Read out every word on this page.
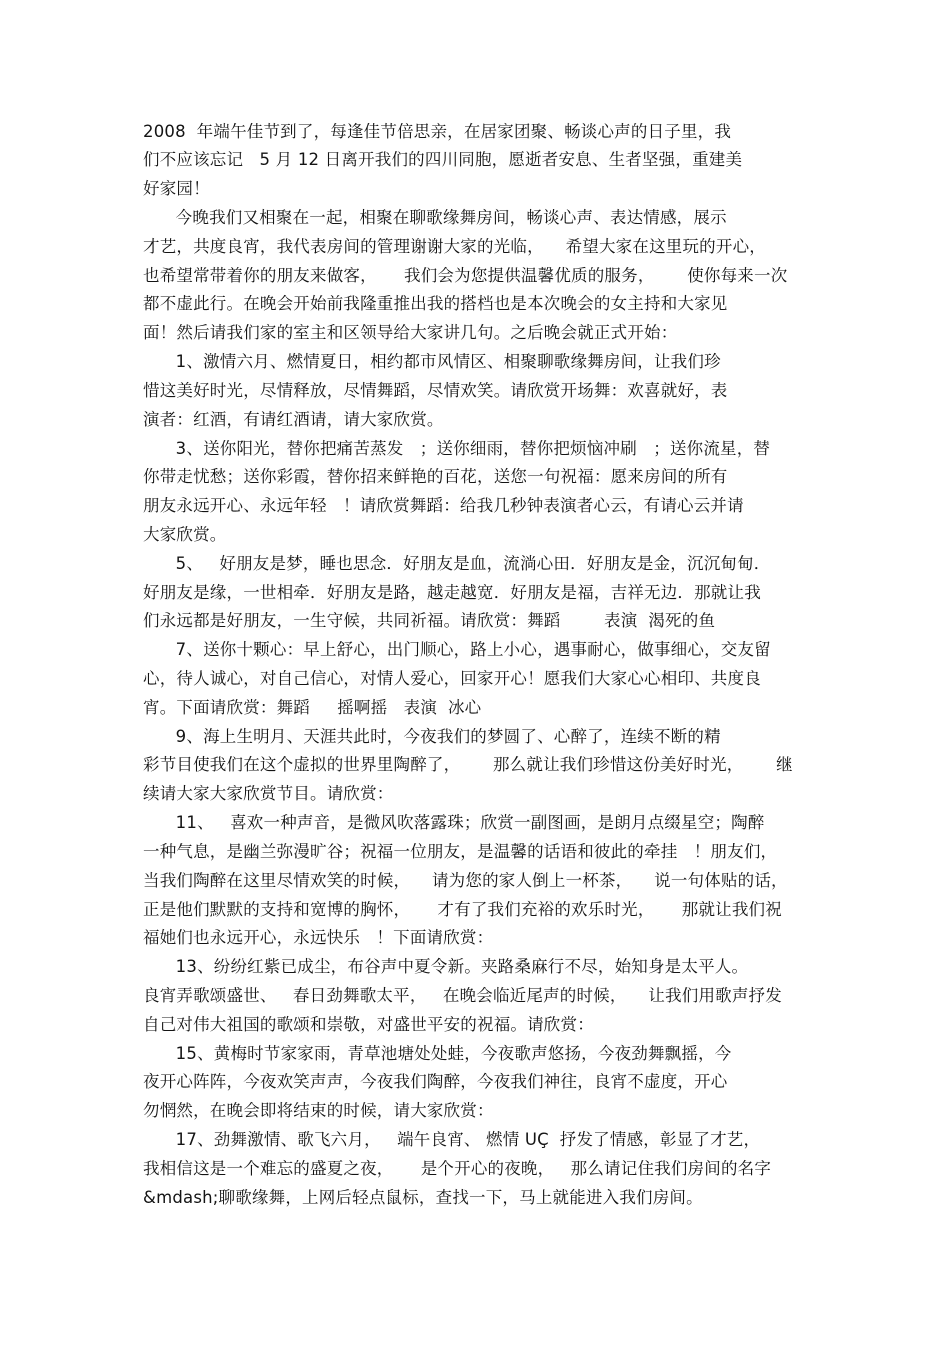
2008  年端午佳节到了，每逢佳节倍思亲，在居家团聚、畅谈心声的日子里，我
们不应该忘记   5 月 12 日离开我们的四川同胞，愿逝者安息、生者坚强，重建美
好家园！
今晚我们又相聚在一起，相聚在聊歌缘舞房间，畅谈心声、表达情感，展示
才艺，共度良宵，我代表房间的管理谢谢大家的光临，    希望大家在这里玩的开心，
也希望常带着你的朋友来做客，     我们会为您提供温馨优质的服务，      使你每来一次
都不虚此行。在晚会开始前我隆重推出我的搭档也是本次晚会的女主持和大家见
面！然后请我们家的室主和区领导给大家讲几句。之后晚会就正式开始：
1、激情六月、燃情夏日，相约都市风情区、相聚聊歌缘舞房间，让我们珍
惜这美好时光，尽情释放，尽情舞蹈，尽情欢笑。请欣赏开场舞：欢喜就好，表
演者：红酒，有请红酒请，请大家欣赏。
3、送你阳光，替你把痛苦蒸发   ；送你细雨，替你把烦恼冲刷   ；送你流星，替
你带走忧愁；送你彩霞，替你招来鲜艳的百花，送您一句祝福：愿来房间的所有
朋友永远开心、永远年轻   ！请欣赏舞蹈：给我几秒钟表演者心云，有请心云并请
大家欣赏。
5、   好朋友是梦，睡也思念．好朋友是血，流淌心田．好朋友是金，沉沉甸甸．
好朋友是缘，一世相牵．好朋友是路，越走越宽．好朋友是福，吉祥无边．那就让我
们永远都是好朋友，一生守候，共同祈福。请欣赏：舞蹈        表演  渴死的鱼
7、送你十颗心：早上舒心，出门顺心，路上小心，遇事耐心，做事细心，交友留
心，待人诚心，对自己信心，对情人爱心，回家开心！愿我们大家心心相印、共度良
宵。下面请欣赏：舞蹈     摇啊摇   表演  冰心
9、海上生明月、天涯共此时，今夜我们的梦圆了、心醉了，连续不断的精
彩节目使我们在这个虚拟的世界里陶醉了，      那么就让我们珍惜这份美好时光，      继
续请大家大家欣赏节目。请欣赏：
11、   喜欢一种声音，是微风吹落露珠；欣赏一副图画，是朗月点缀星空；陶醉
一种气息，是幽兰弥漫旷谷；祝福一位朋友，是温馨的话语和彼此的牵挂   ！朋友们，
当我们陶醉在这里尽情欢笑的时候，    请为您的家人倒上一杯茶，    说一句体贴的话，
正是他们默默的支持和宽博的胸怀，     才有了我们充裕的欢乐时光，     那就让我们祝
福她们也永远开心，永远快乐   ！下面请欣赏：
13、纷纷红紫已成尘，布谷声中夏令新。夹路桑麻行不尽，始知身是太平人。
良宵弄歌颂盛世、   春日劲舞歌太平，   在晚会临近尾声的时候，    让我们用歌声抒发
自己对伟大祖国的歌颂和崇敬，对盛世平安的祝福。请欣赏：
15、黄梅时节家家雨，青草池塘处处蛙，今夜歌声悠扬，今夜劲舞飘摇，今
夜开心阵阵，今夜欢笑声声，今夜我们陶醉，今夜我们神往，良宵不虚度，开心
勿惘然，在晚会即将结束的时候，请大家欣赏：
17、劲舞激情、歌飞六月，   端午良宵、 燃情 UÇ  抒发了情感，彰显了才艺，
我相信这是一个难忘的盛夏之夜，     是个开心的夜晚，   那么请记住我们房间的名字
&mdash;聊歌缘舞，上网后轻点鼠标，查找一下，马上就能进入我们房间。
